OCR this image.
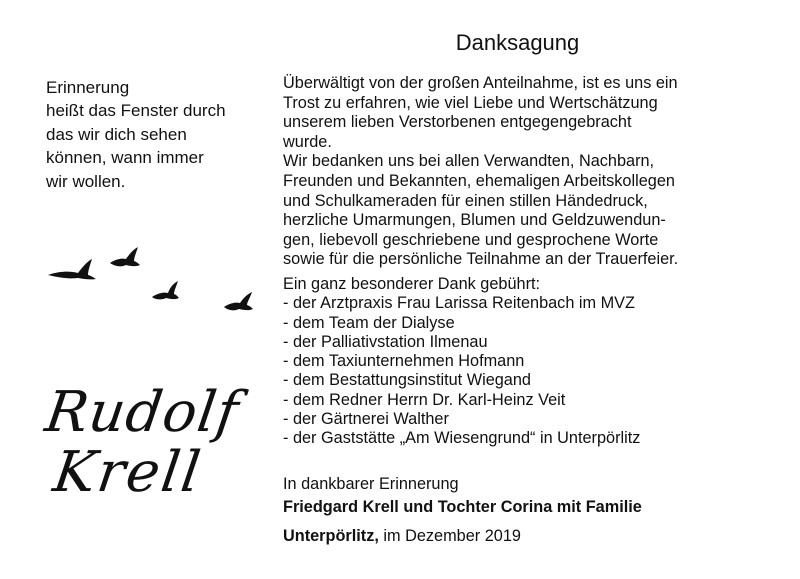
Danksagung
Erinnerung
heißt das Fenster durch
das wir dich sehen
können, wann immer
wir wollen.
Rudolf
Krell
Überwältigt von der großen Anteilnahme, ist es uns ein
Trost zu erfahren, wie viel Liebe und Wertschätzung
unserem lieben Verstorbenen entgegengebracht
wurde.
Wir bedanken uns bei allen Verwandten, Nachbarn,
Freunden und Bekannten, ehemaligen Arbeitskollegen
und Schulkameraden für einen stillen Händedruck,
herzliche Umarmungen, Blumen und Geldzuwendun-
gen, liebevoll geschriebene und gesprochene Worte
sowie für die persönliche Teilnahme an der Trauerfeier.
Ein ganz besonderer Dank gebührt:
- der Arztpraxis Frau Larissa Reitenbach im MVZ
- dem Team der Dialyse
- der Palliativstation Ilmenau
- dem Taxiunternehmen Hofmann
- dem Bestattungsinstitut Wiegand
- dem Redner Herrn Dr. Karl-Heinz Veit
- der Gärtnerei Walther
- der Gaststätte „Am Wiesengrund“ in Unterpörlitz
In dankbarer Erinnerung
Friedgard Krell und Tochter Corina mit Familie
Unterpörlitz, im Dezember 2019
